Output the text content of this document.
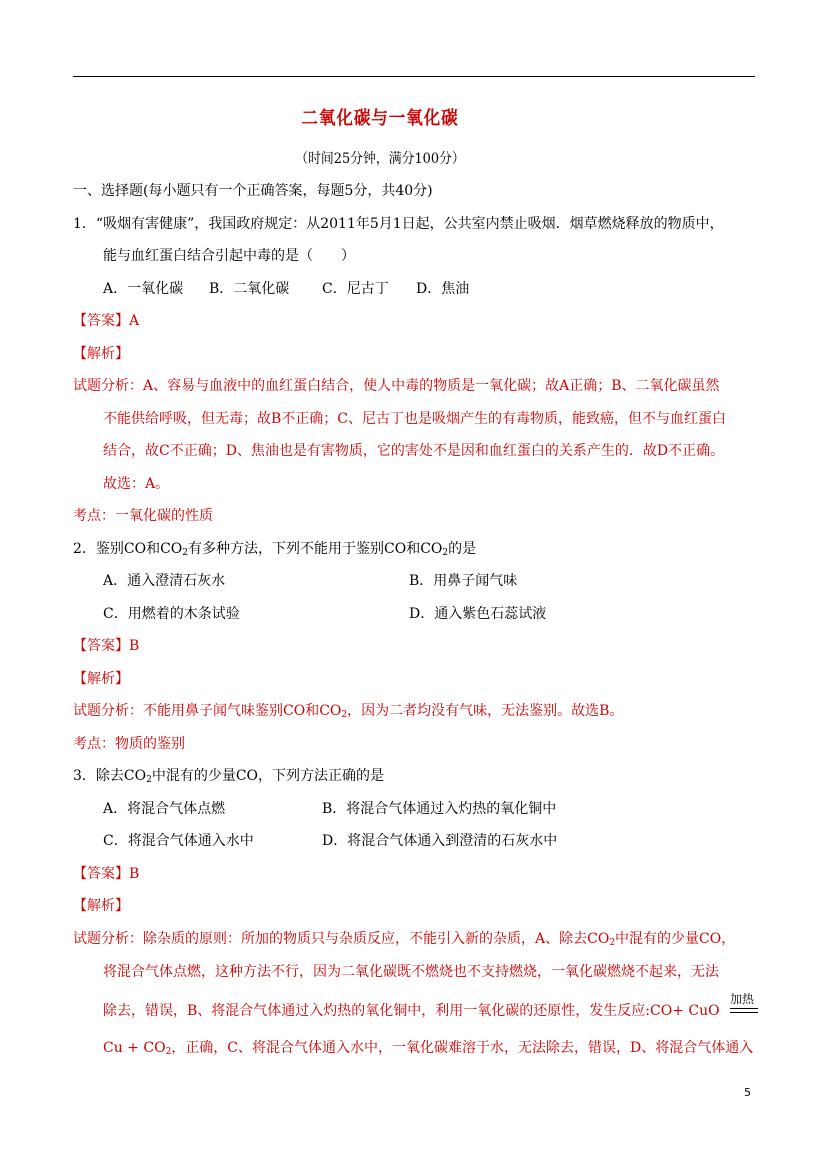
二氧化碳与一氧化碳
（时间25分钟，满分100分）
一、选择题(每小题只有一个正确答案，每题5分，共40分)
1．“吸烟有害健康”，我国政府规定：从2011年5月1日起，公共室内禁止吸烟．烟草燃烧释放的物质中，
能与血红蛋白结合引起中毒的是（　　）
A．一氧化碳 B．二氧化碳 C．尼古丁 D．焦油
【答案】A
【解析】
试题分析：A、容易与血液中的血红蛋白结合，使人中毒的物质是一氧化碳；故A正确；B、二氧化碳虽然
不能供给呼吸，但无毒；故B不正确；C、尼古丁也是吸烟产生的有毒物质，能致癌，但不与血红蛋白
结合，故C不正确；D、焦油也是有害物质，它的害处不是因和血红蛋白的关系产生的．故D不正确。
故选：A。
考点：一氧化碳的性质
2．鉴别CO和$CO_2$有多种方法，下列不能用于鉴别CO和$CO_2$的是
A．通入澄清石灰水	B．用鼻子闻气味
C．用燃着的木条试验	D．通入紫色石蕊试液
【答案】B
【解析】
试题分析：不能用鼻子闻气味鉴别CO和$CO_2$，因为二者均没有气味，无法鉴别。故选B。
考点：物质的鉴别
3．除去$CO_2$中混有的少量CO，下列方法正确的是
A．将混合气体点燃	B．将混合气体通过入灼热的氧化铜中
C．将混合气体通入水中	D．将混合气体通入到澄清的石灰水中
【答案】B
【解析】
试题分析：除杂质的原则：所加的物质只与杂质反应，不能引入新的杂质，A、除去$CO_2$中混有的少量CO，
将混合气体点燃，这种方法不行，因为二氧化碳既不燃烧也不支持燃烧，一氧化碳燃烧不起来，无法
除去，错误，B、将混合气体通过入灼热的氧化铜中，利用一氧化碳的还原性，发生反应:CO+ CuO
加热
$Cu + CO_2$，正确，C、将混合气体通入水中，一氧化碳难溶于水，无法除去，错误，D、将混合气体通入
5
